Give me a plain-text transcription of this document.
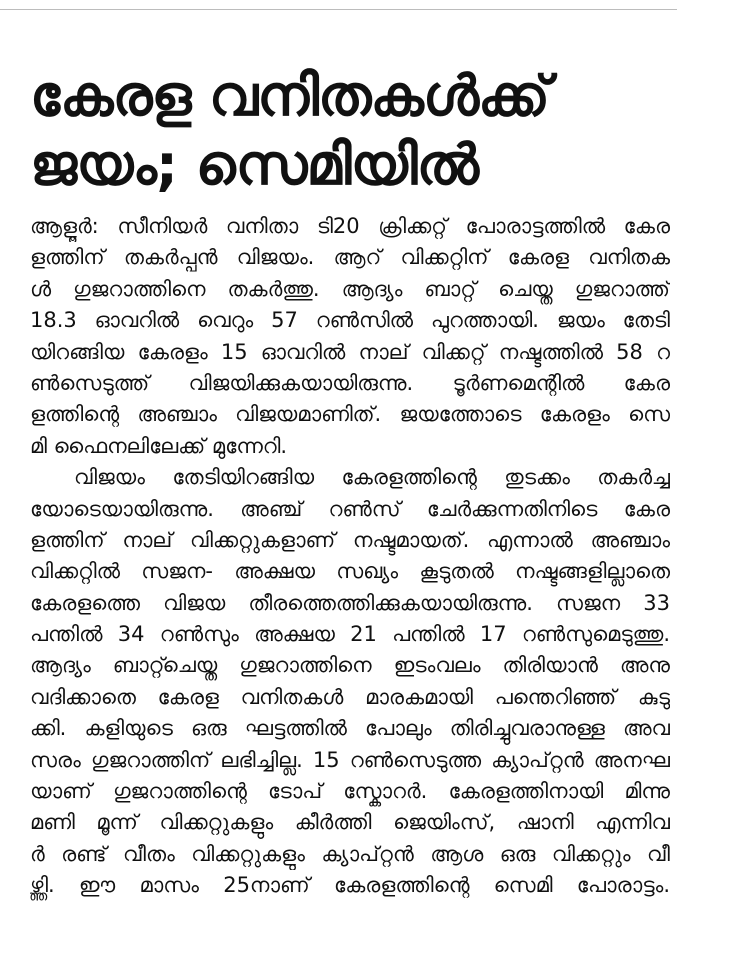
കേരള വനിതകൾക്ക്
ജയം; സെമിയിൽ
ആളൂർ: സീനിയർ വനിതാ ടി20 ക്രിക്കറ്റ് പോരാട്ടത്തിൽ കേര
ളത്തിന് തകർപ്പൻ വിജയം. ആറ് വിക്കറ്റിന് കേരള വനിതക
ൾ ഗുജറാത്തിനെ തകർത്തു. ആദ്യം ബാറ്റ് ചെയ്ത ഗുജറാത്ത്
18.3 ഓവറിൽ വെറും 57 റൺസിൽ പുറത്തായി. ജയം തേടി
യിറങ്ങിയ കേരളം 15 ഓവറിൽ നാല് വിക്കറ്റ് നഷ്ടത്തിൽ 58 റ
ൺസെടുത്ത് വിജയിക്കുകയായിരുന്നു. ടൂർണമെന്റിൽ കേര
ളത്തിന്റെ അഞ്ചാം വിജയമാണിത്. ജയത്തോടെ കേരളം സെ
മി ഫൈനലിലേക്ക് മുന്നേറി.
വിജയം തേടിയിറങ്ങിയ കേരളത്തിന്റെ തുടക്കം തകർച്ച
യോടെയായിരുന്നു. അഞ്ച് റൺസ് ചേർക്കുന്നതിനിടെ കേര
ളത്തിന് നാല് വിക്കറ്റുകളാണ് നഷ്ടമായത്. എന്നാൽ അഞ്ചാം
വിക്കറ്റിൽ സജന- അക്ഷയ സഖ്യം കൂടുതൽ നഷ്ടങ്ങളില്ലാതെ
കേരളത്തെ വിജയ തീരത്തെത്തിക്കുകയായിരുന്നു. സജന 33
പന്തിൽ 34 റൺസും അക്ഷയ 21 പന്തിൽ 17 റൺസുമെടുത്തു.
ആദ്യം ബാറ്റ്ചെയ്ത ഗുജറാത്തിനെ ഇടംവലം തിരിയാൻ അനു
വദിക്കാതെ കേരള വനിതകൾ മാരകമായി പന്തെറിഞ്ഞ് കുടു
ക്കി. കളിയുടെ ഒരു ഘട്ടത്തിൽ പോലും തിരിച്ചുവരാനുള്ള അവ
സരം ഗുജറാത്തിന് ലഭിച്ചില്ല. 15 റൺസെടുത്ത ക്യാപ്റ്റൻ അനഘ
യാണ് ഗുജറാത്തിന്റെ ടോപ് സ്കോറർ. കേരളത്തിനായി മിന്നു
മണി മൂന്ന് വിക്കറ്റുകളും കീർത്തി ജെയിംസ്, ഷാനി എന്നിവ
ർ രണ്ട് വീതം വിക്കറ്റുകളും ക്യാപ്റ്റൻ ആശ ഒരു വിക്കറ്റും വീ
ഴ്ത്തി. ഈ മാസം 25നാണ് കേരളത്തിന്റെ സെമി പോരാട്ടം.
